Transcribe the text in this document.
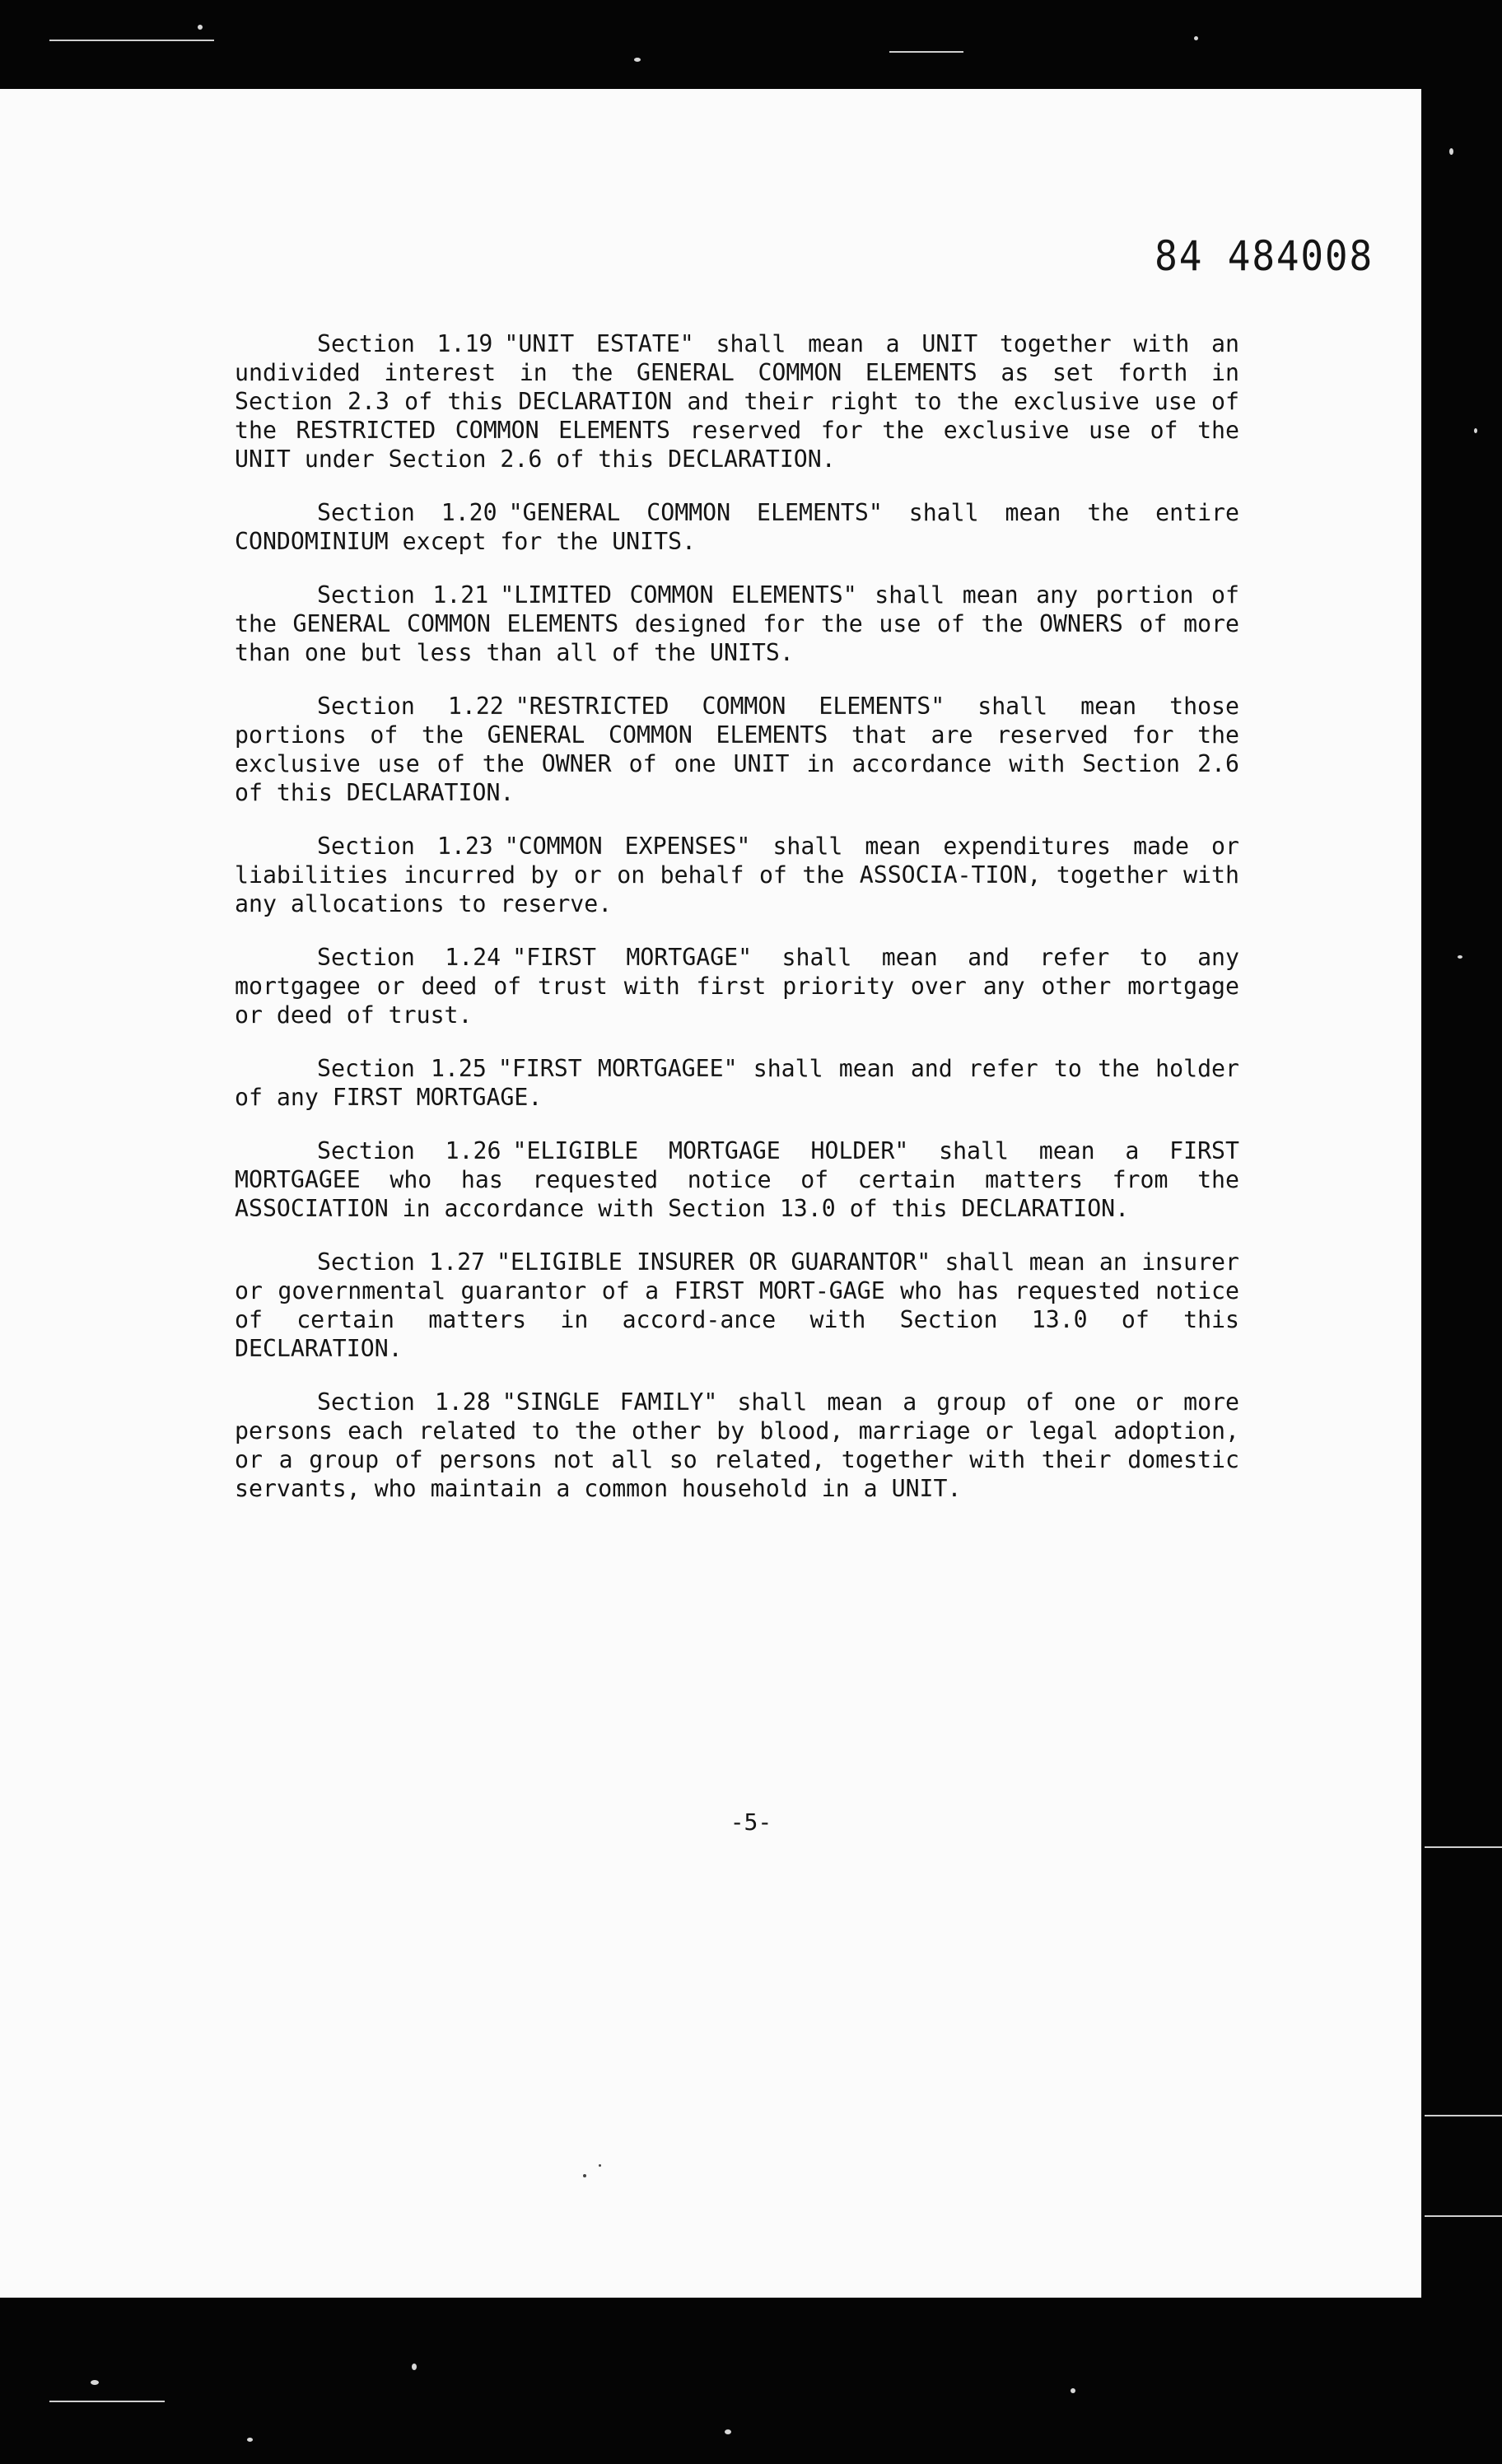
84 484008

Section 1.19 "UNIT ESTATE" shall mean a UNIT together with an undivided interest in the GENERAL COMMON ELEMENTS as set forth in Section 2.3 of this DECLARATION and their right to the exclusive use of the RESTRICTED COMMON ELEMENTS reserved for the exclusive use of the UNIT under Section 2.6 of this DECLARATION.

Section 1.20 "GENERAL COMMON ELEMENTS" shall mean the entire CONDOMINIUM except for the UNITS.

Section 1.21 "LIMITED COMMON ELEMENTS" shall mean any portion of the GENERAL COMMON ELEMENTS designed for the use of the OWNERS of more than one but less than all of the UNITS.

Section 1.22 "RESTRICTED COMMON ELEMENTS" shall mean those portions of the GENERAL COMMON ELEMENTS that are reserved for the exclusive use of the OWNER of one UNIT in accordance with Section 2.6 of this DECLARATION.

Section 1.23 "COMMON EXPENSES" shall mean expenditures made or liabilities incurred by or on behalf of the ASSOCIA-TION, together with any allocations to reserve.

Section 1.24 "FIRST MORTGAGE" shall mean and refer to any mortgagee or deed of trust with first priority over any other mortgage or deed of trust.

Section 1.25 "FIRST MORTGAGEE" shall mean and refer to the holder of any FIRST MORTGAGE.

Section 1.26 "ELIGIBLE MORTGAGE HOLDER" shall mean a FIRST MORTGAGEE who has requested notice of certain matters from the ASSOCIATION in accordance with Section 13.0 of this DECLARATION.

Section 1.27 "ELIGIBLE INSURER OR GUARANTOR" shall mean an insurer or governmental guarantor of a FIRST MORT-GAGE who has requested notice of certain matters in accord-ance with Section 13.0 of this DECLARATION.

Section 1.28 "SINGLE FAMILY" shall mean a group of one or more persons each related to the other by blood, marriage or legal adoption, or a group of persons not all so related, together with their domestic servants, who maintain a common household in a UNIT.

-5-
